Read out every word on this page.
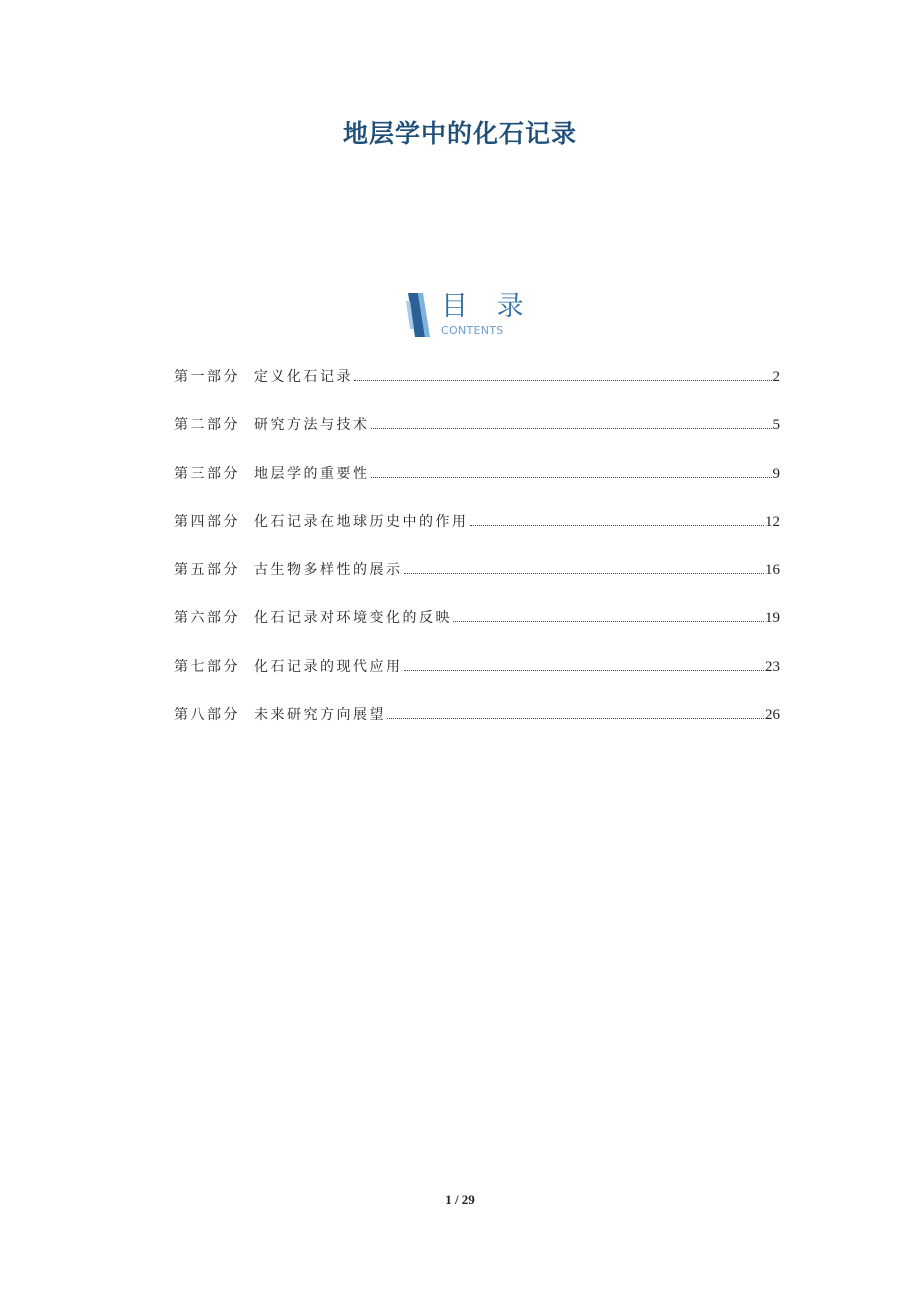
地层学中的化石记录
目 录
CONTENTS
第一部分	定义化石记录	2
第二部分	研究方法与技术	5
第三部分	地层学的重要性	9
第四部分	化石记录在地球历史中的作用	12
第五部分	古生物多样性的展示	16
第六部分	化石记录对环境变化的反映	19
第七部分	化石记录的现代应用	23
第八部分	未来研究方向展望	26
1 / 29
